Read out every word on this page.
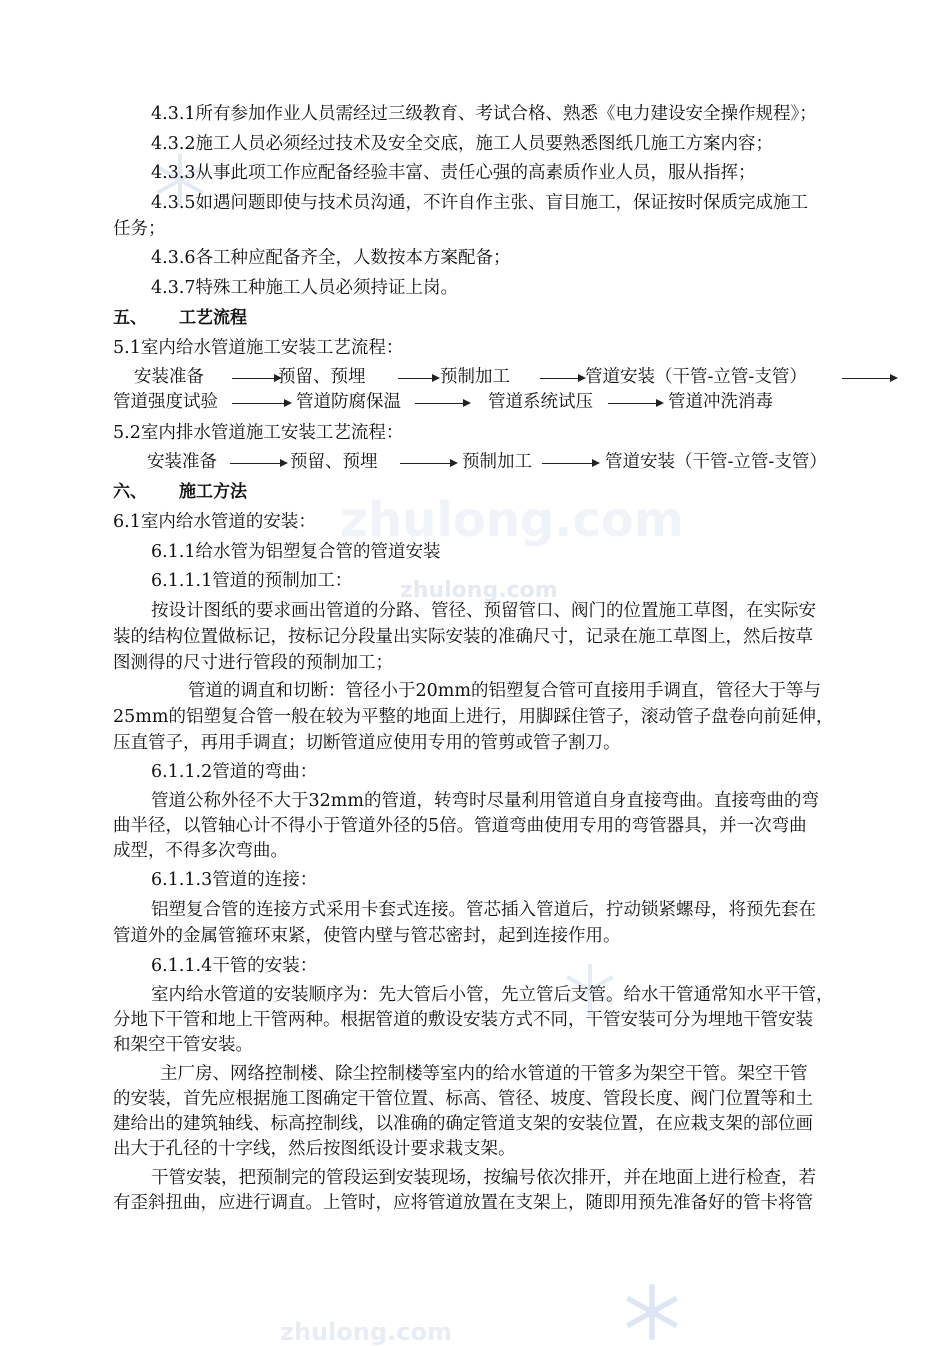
zhulong.com
zhulong.com
zhulong.com
4.3.1所有参加作业人员需经过三级教育、考试合格、熟悉《电力建设安全操作规程》；
4.3.2施工人员必须经过技术及安全交底，施工人员要熟悉图纸几施工方案内容；
4.3.3从事此项工作应配备经验丰富、责任心强的高素质作业人员，服从指挥；
4.3.5如遇问题即使与技术员沟通，不许自作主张、盲目施工，保证按时保质完成施工
任务；
4.3.6各工种应配备齐全，人数按本方案配备；
4.3.7特殊工种施工人员必须持证上岗。
五、 工艺流程
5.1室内给水管道施工安装工艺流程：
安装准备	预留、预埋	预制加工	管道安装（干管-立管-支管）
管道强度试验	管道防腐保温	管道系统试压	管道冲洗消毒
5.2室内排水管道施工安装工艺流程：
安装准备	预留、预埋	预制加工	管道安装（干管-立管-支管）
六、 施工方法
6.1室内给水管道的安装：
6.1.1给水管为铝塑复合管的管道安装
6.1.1.1管道的预制加工：
按设计图纸的要求画出管道的分路、管径、预留管口、阀门的位置施工草图，在实际安
装的结构位置做标记，按标记分段量出实际安装的准确尺寸，记录在施工草图上，然后按草
图测得的尺寸进行管段的预制加工；
管道的调直和切断：管径小于20mm的铝塑复合管可直接用手调直，管径大于等与
25mm的铝塑复合管一般在较为平整的地面上进行，用脚踩住管子，滚动管子盘卷向前延伸，
压直管子，再用手调直；切断管道应使用专用的管剪或管子割刀。
6.1.1.2管道的弯曲：
管道公称外径不大于32mm的管道，转弯时尽量利用管道自身直接弯曲。直接弯曲的弯
曲半径，以管轴心计不得小于管道外径的5倍。管道弯曲使用专用的弯管器具，并一次弯曲
成型，不得多次弯曲。
6.1.1.3管道的连接：
铝塑复合管的连接方式采用卡套式连接。管芯插入管道后，拧动锁紧螺母，将预先套在
管道外的金属管箍环束紧，使管内壁与管芯密封，起到连接作用。
6.1.1.4干管的安装：
室内给水管道的安装顺序为：先大管后小管，先立管后支管。给水干管通常知水平干管，
分地下干管和地上干管两种。根据管道的敷设安装方式不同，干管安装可分为埋地干管安装
和架空干管安装。
主厂房、网络控制楼、除尘控制楼等室内的给水管道的干管多为架空干管。架空干管
的安装，首先应根据施工图确定干管位置、标高、管径、坡度、管段长度、阀门位置等和土
建给出的建筑轴线、标高控制线，以准确的确定管道支架的安装位置，在应栽支架的部位画
出大于孔径的十字线，然后按图纸设计要求栽支架。
干管安装，把预制完的管段运到安装现场，按编号依次排开，并在地面上进行检查，若
有歪斜扭曲，应进行调直。上管时，应将管道放置在支架上，随即用预先准备好的管卡将管
